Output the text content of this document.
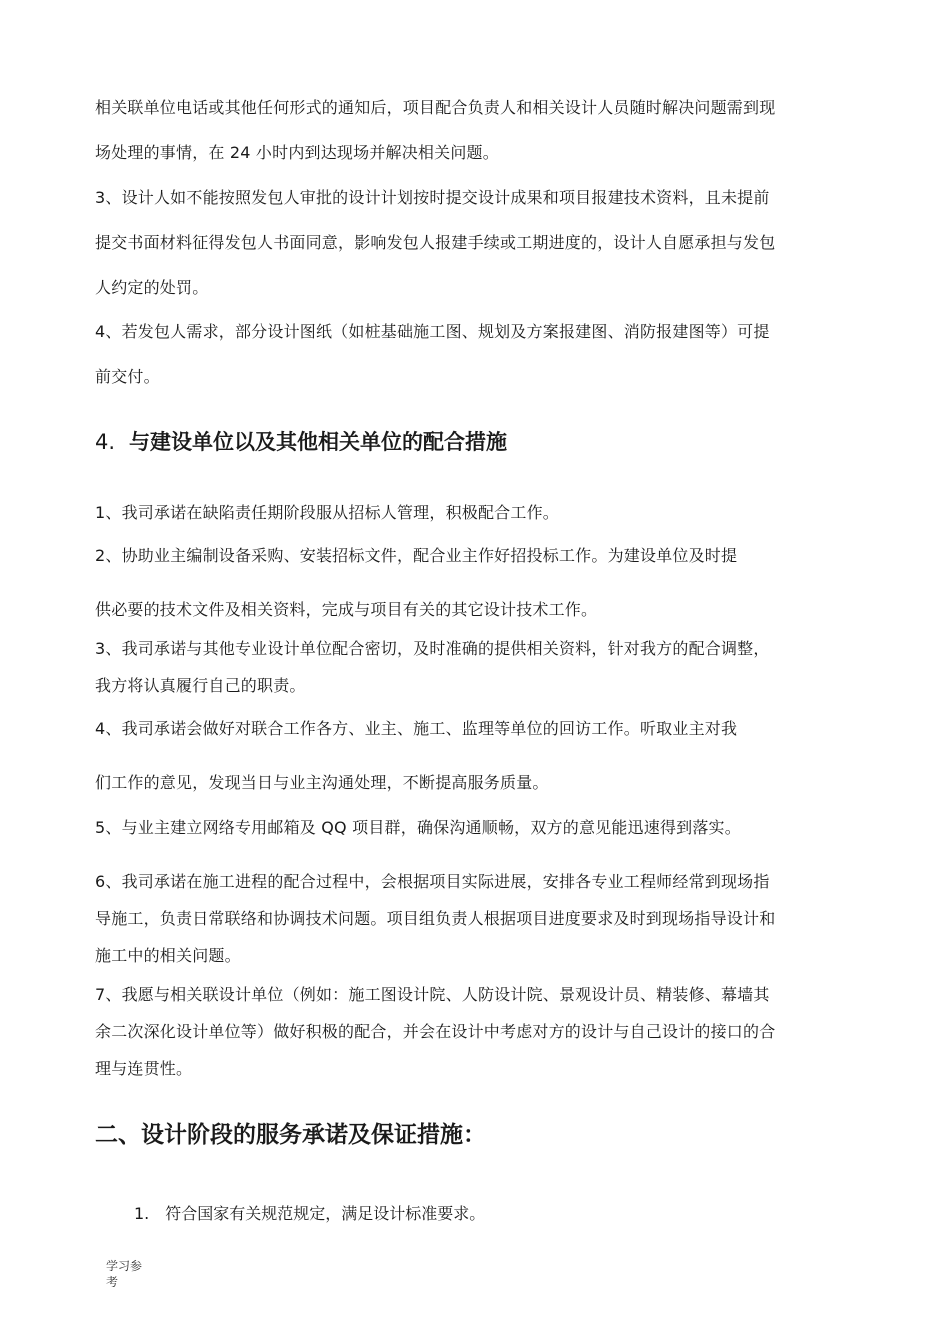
相关联单位电话或其他任何形式的通知后，项目配合负责人和相关设计人员随时解决问题需到现
场处理的事情，在 24 小时内到达现场并解决相关问题。
3、设计人如不能按照发包人审批的设计计划按时提交设计成果和项目报建技术资料，且未提前
提交书面材料征得发包人书面同意，影响发包人报建手续或工期进度的，设计人自愿承担与发包
人约定的处罚。
4、若发包人需求，部分设计图纸（如桩基础施工图、规划及方案报建图、消防报建图等）可提
前交付。
4. 与建设单位以及其他相关单位的配合措施
1、我司承诺在缺陷责任期阶段服从招标人管理，积极配合工作。
2、协助业主编制设备采购、安装招标文件，配合业主作好招投标工作。为建设单位及时提
供必要的技术文件及相关资料，完成与项目有关的其它设计技术工作。
3、我司承诺与其他专业设计单位配合密切，及时准确的提供相关资料，针对我方的配合调整，
我方将认真履行自己的职责。
4、我司承诺会做好对联合工作各方、业主、施工、监理等单位的回访工作。听取业主对我
们工作的意见，发现当日与业主沟通处理，不断提高服务质量。
5、与业主建立网络专用邮箱及 QQ 项目群，确保沟通顺畅，双方的意见能迅速得到落实。
6、我司承诺在施工进程的配合过程中，会根据项目实际进展，安排各专业工程师经常到现场指
导施工，负责日常联络和协调技术问题。项目组负责人根据项目进度要求及时到现场指导设计和
施工中的相关问题。
7、我愿与相关联设计单位（例如：施工图设计院、人防设计院、景观设计员、精装修、幕墙其
余二次深化设计单位等）做好积极的配合，并会在设计中考虑对方的设计与自己设计的接口的合
理与连贯性。
二、设计阶段的服务承诺及保证措施：
1. 符合国家有关规范规定，满足设计标准要求。
学习参
考
